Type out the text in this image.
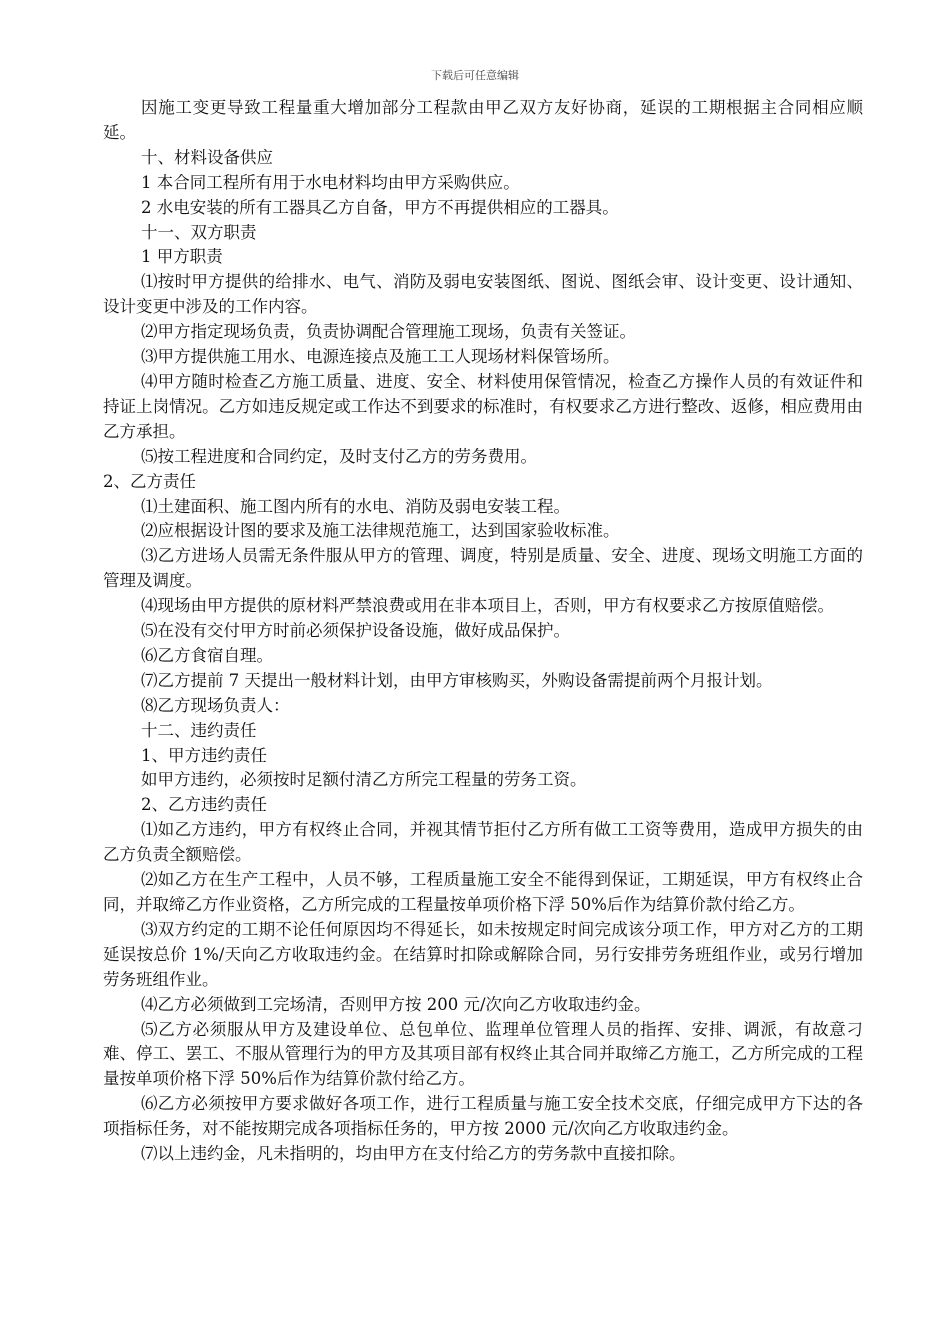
下载后可任意编辑

因施工变更导致工程量重大增加部分工程款由甲乙双方友好协商，延误的工期根据主合同相应顺延。

十、材料设备供应

1 本合同工程所有用于水电材料均由甲方采购供应。

2 水电安装的所有工器具乙方自备，甲方不再提供相应的工器具。

十一、双方职责

1 甲方职责

⑴按时甲方提供的给排水、电气、消防及弱电安装图纸、图说、图纸会审、设计变更、设计通知、设计变更中涉及的工作内容。

⑵甲方指定现场负责，负责协调配合管理施工现场，负责有关签证。

⑶甲方提供施工用水、电源连接点及施工工人现场材料保管场所。

⑷甲方随时检查乙方施工质量、进度、安全、材料使用保管情况，检查乙方操作人员的有效证件和持证上岗情况。乙方如违反规定或工作达不到要求的标准时，有权要求乙方进行整改、返修，相应费用由乙方承担。

⑸按工程进度和合同约定，及时支付乙方的劳务费用。

2、乙方责任

⑴土建面积、施工图内所有的水电、消防及弱电安装工程。

⑵应根据设计图的要求及施工法律规范施工，达到国家验收标准。

⑶乙方进场人员需无条件服从甲方的管理、调度，特别是质量、安全、进度、现场文明施工方面的管理及调度。

⑷现场由甲方提供的原材料严禁浪费或用在非本项目上，否则，甲方有权要求乙方按原值赔偿。

⑸在没有交付甲方时前必须保护设备设施，做好成品保护。

⑹乙方食宿自理。

⑺乙方提前 7 天提出一般材料计划，由甲方审核购买，外购设备需提前两个月报计划。

⑻乙方现场负责人：

十二、违约责任

1、甲方违约责任

如甲方违约，必须按时足额付清乙方所完工程量的劳务工资。

2、乙方违约责任

⑴如乙方违约，甲方有权终止合同，并视其情节拒付乙方所有做工工资等费用，造成甲方损失的由乙方负责全额赔偿。

⑵如乙方在生产工程中，人员不够，工程质量施工安全不能得到保证，工期延误，甲方有权终止合同，并取缔乙方作业资格，乙方所完成的工程量按单项价格下浮 50%后作为结算价款付给乙方。

⑶双方约定的工期不论任何原因均不得延长，如未按规定时间完成该分项工作，甲方对乙方的工期延误按总价 1%/天向乙方收取违约金。在结算时扣除或解除合同，另行安排劳务班组作业，或另行增加劳务班组作业。

⑷乙方必须做到工完场清，否则甲方按 200 元/次向乙方收取违约金。

⑸乙方必须服从甲方及建设单位、总包单位、监理单位管理人员的指挥、安排、调派，有故意刁难、停工、罢工、不服从管理行为的甲方及其项目部有权终止其合同并取缔乙方施工，乙方所完成的工程量按单项价格下浮 50%后作为结算价款付给乙方。

⑹乙方必须按甲方要求做好各项工作，进行工程质量与施工安全技术交底，仔细完成甲方下达的各项指标任务，对不能按期完成各项指标任务的，甲方按 2000 元/次向乙方收取违约金。

⑺以上违约金，凡未指明的，均由甲方在支付给乙方的劳务款中直接扣除。
